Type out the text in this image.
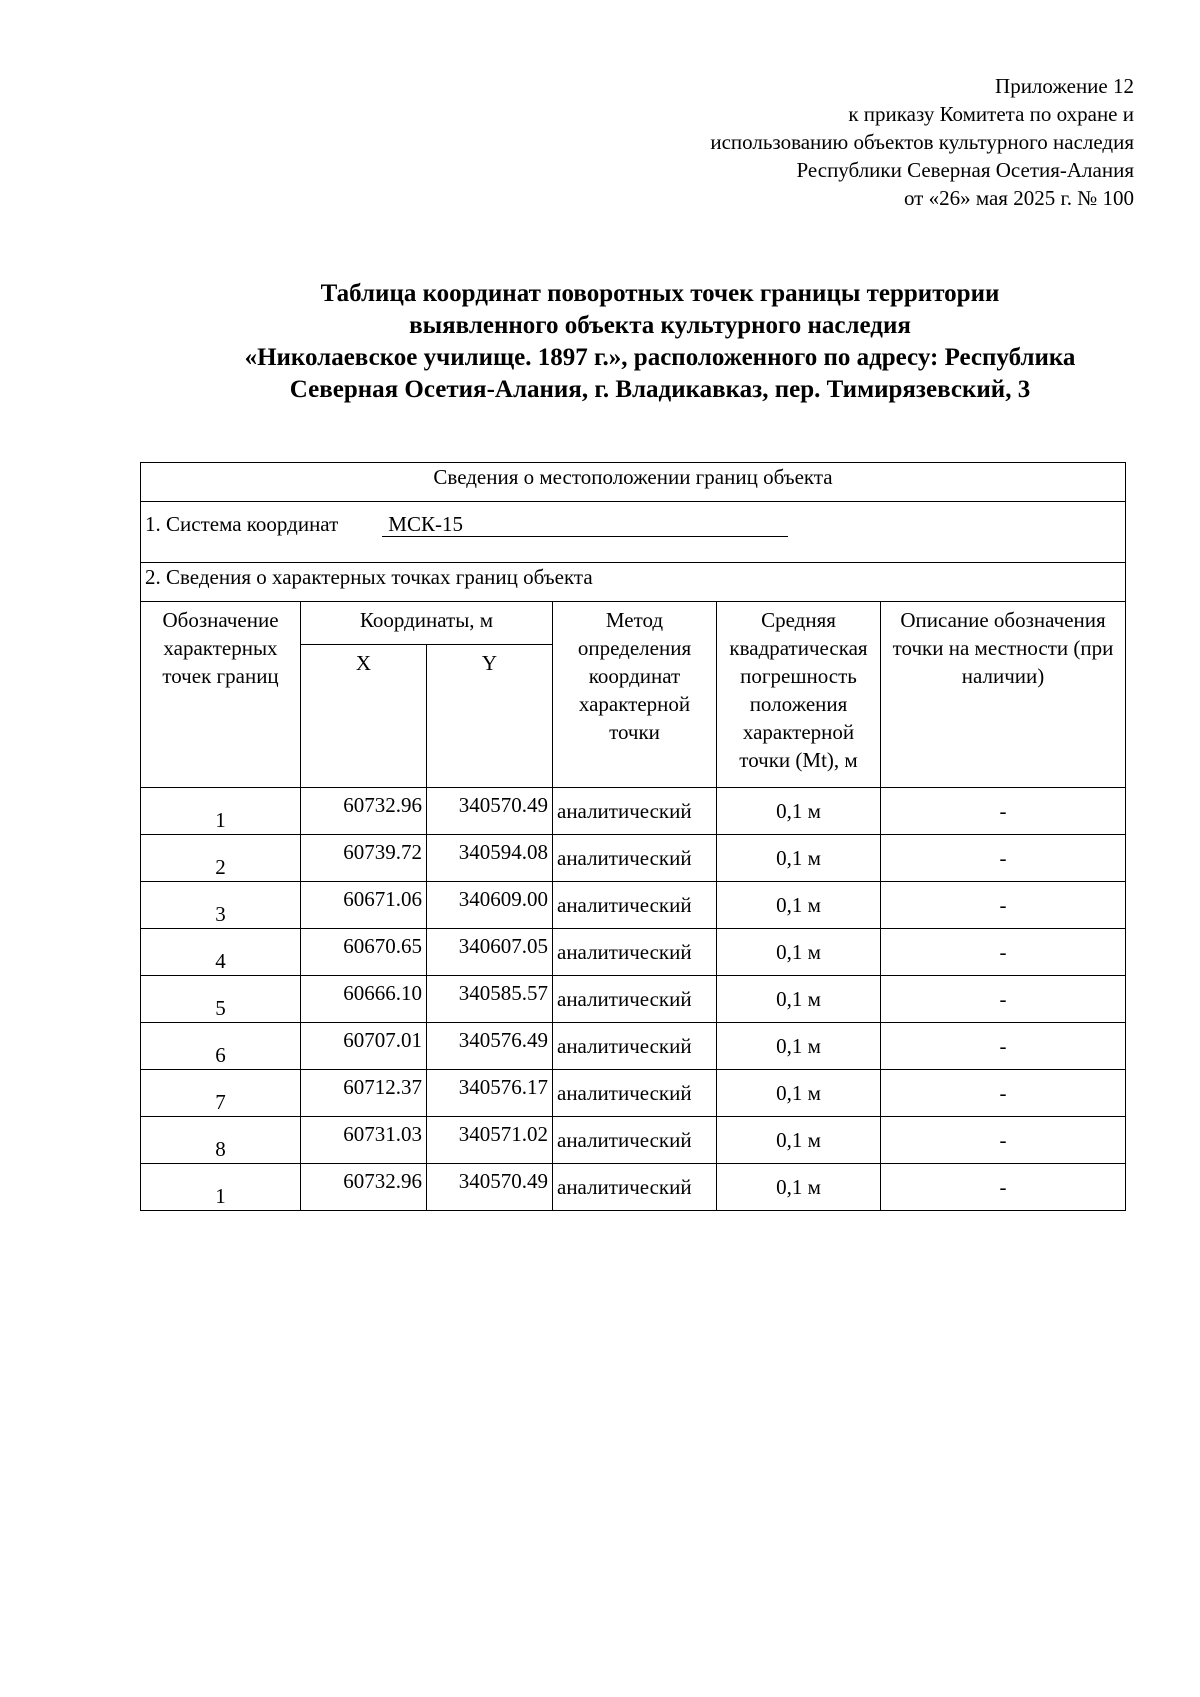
Приложение 12
к приказу Комитета по охране и
использованию объектов культурного наследия
Республики Северная Осетия-Алания
от «26» мая 2025 г. № 100
Таблица координат поворотных точек границы территории
выявленного объекта культурного наследия
«Николаевское училище. 1897 г.», расположенного по адресу: Республика
Северная Осетия-Алания, г. Владикавказ, пер. Тимирязевский, 3
Сведения о местоположении границ объекта					
1. Система координат МСК-15					
2. Сведения о характерных точках границ объекта					
Обозначение характерных точек границ	Координаты, м		Метод определения координат характерной точки	Средняя квадратическая погрешность положения характерной точки (Mt), м	Описание обозначения точки на местности (при наличии)
	X	Y			
1	60732.96	340570.49	аналитический	0,1 м	-
2	60739.72	340594.08	аналитический	0,1 м	-
3	60671.06	340609.00	аналитический	0,1 м	-
4	60670.65	340607.05	аналитический	0,1 м	-
5	60666.10	340585.57	аналитический	0,1 м	-
6	60707.01	340576.49	аналитический	0,1 м	-
7	60712.37	340576.17	аналитический	0,1 м	-
8	60731.03	340571.02	аналитический	0,1 м	-
1	60732.96	340570.49	аналитический	0,1 м	-
